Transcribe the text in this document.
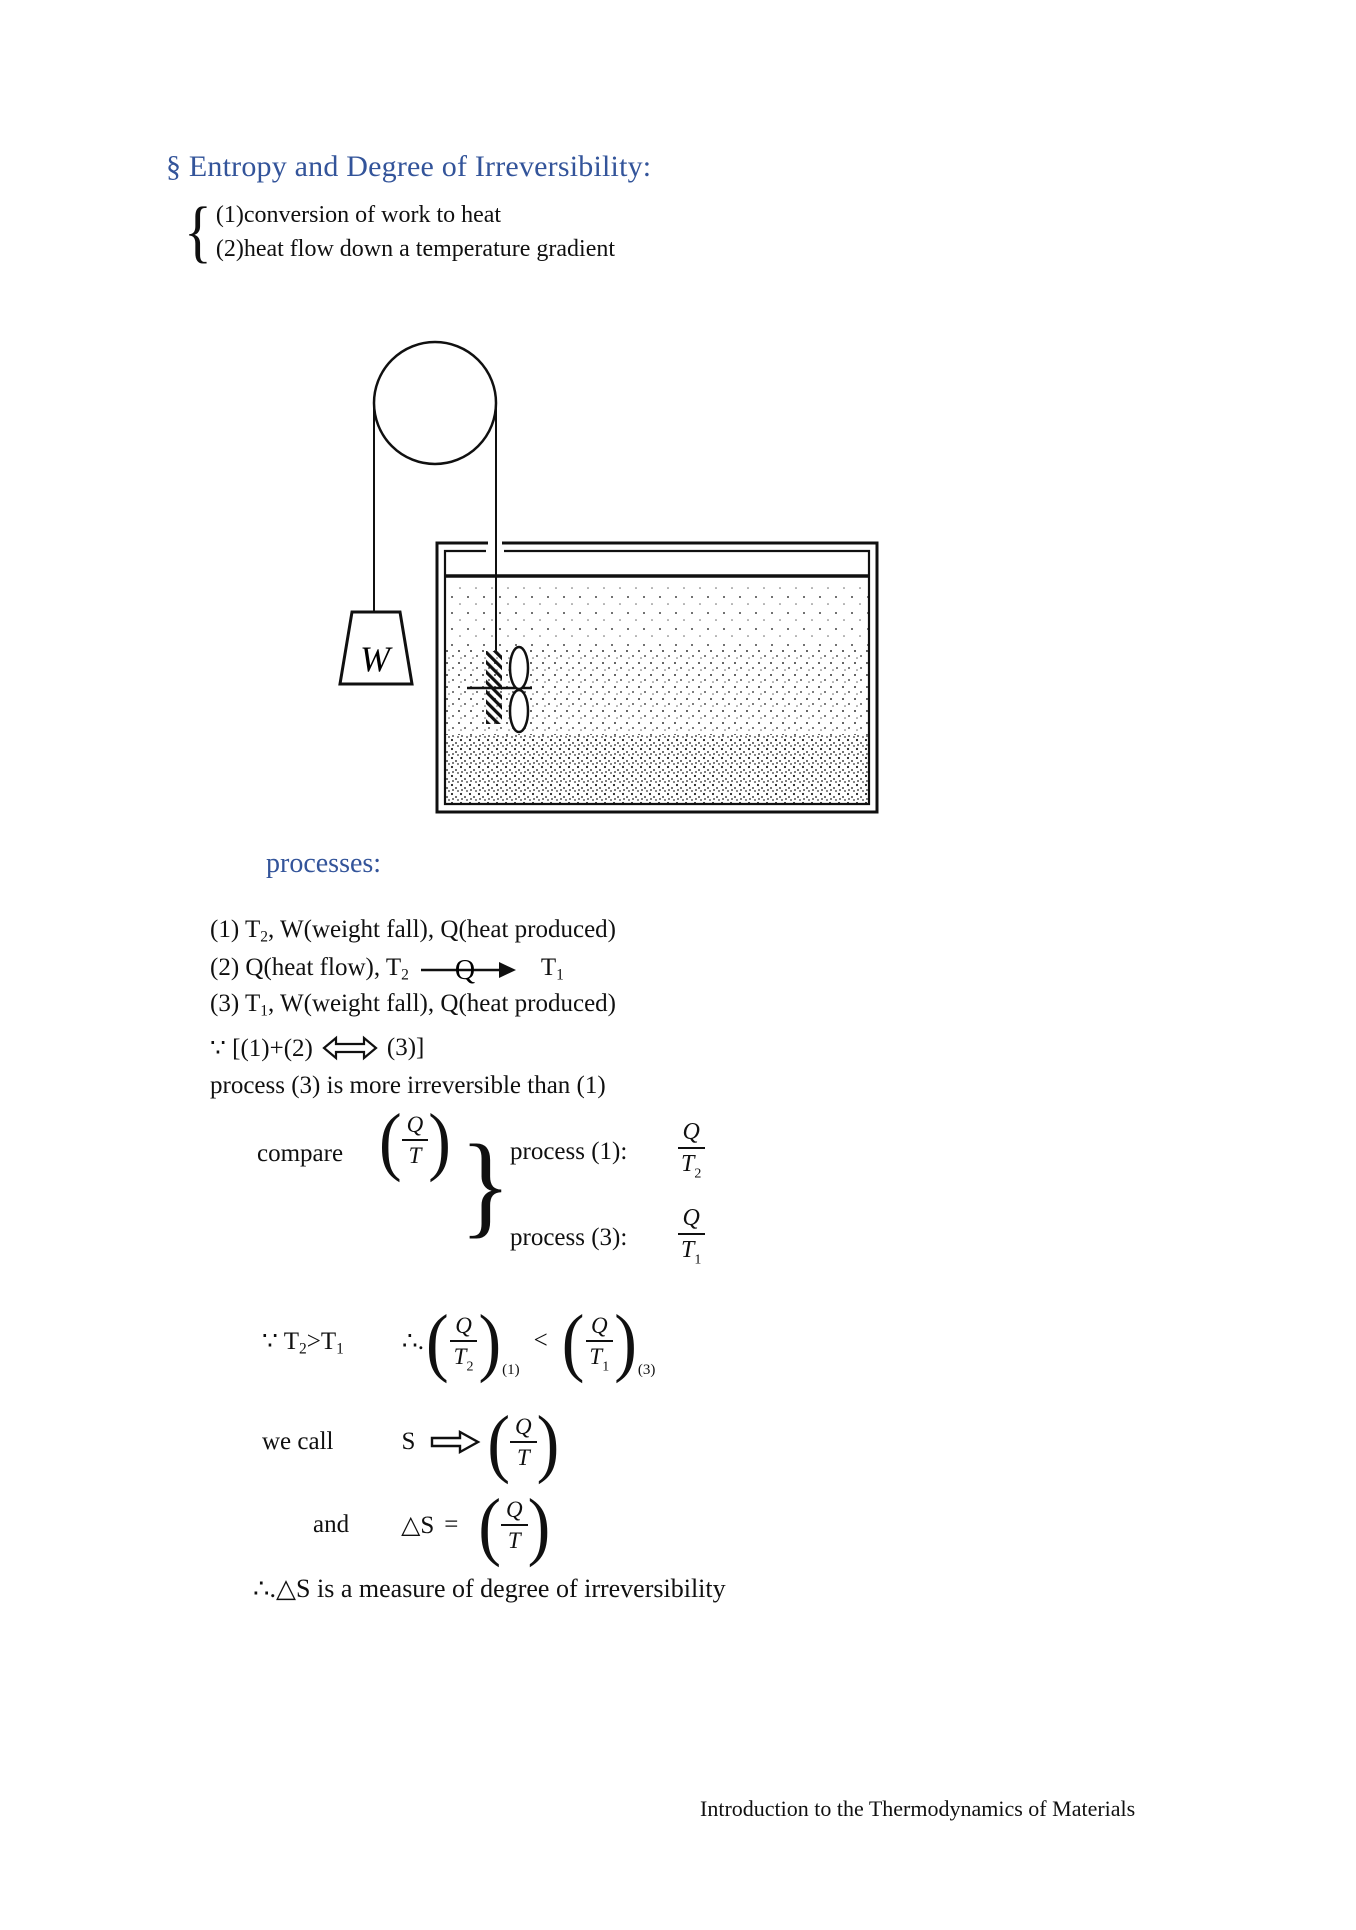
§ Entropy and Degree of Irreversibility:
{ (1)conversion of work to heat
(2)heat flow down a temperature gradient
W
processes:
(1) $T_2$, W(weight fall), Q(heat produced)
(2) Q(heat flow), $T_2$ Q	$T_1$
(3) $T_1$, W(weight fall), Q(heat produced)
∵ [(1)+(2)	(3)]
process (3) is more irreversible than (1)
compare ( $\frac{Q}{T}$ ) } process (1): $\frac{Q}{T_2}$
process (3): $\frac{Q}{T_1}$
∵ $T_2>T_1$ ∴. ( $\frac{Q}{T_2}$ ) (1)
< ( $\frac{Q}{T_1}$ ) (3)
we call	S ( $\frac{Q}{T}$ )
and △S = ( $\frac{Q}{T}$ )
∴.△S is a measure of degree of irreversibility
Introduction to the Thermodynamics of Materials
